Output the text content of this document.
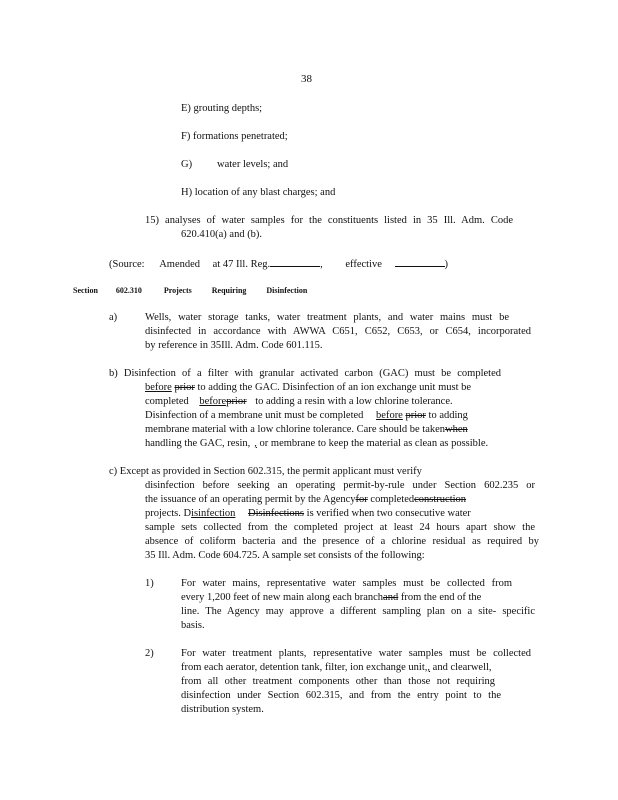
38
E) grouting depths;
F) formations penetrated;
G) water levels; and
H) location of any blast charges; and
15) analyses of water samples for the constituents listed in 35 Ill. Adm. Code
620.410(a) and (b).
(Source: Amended at 47 Ill. Reg.	, effective	)
Section 602.310	Projects	Requiring	Disinfection
a)	Wells, water storage tanks, water treatment plants, and water mains must be
disinfected in accordance with AWWA C651, C652, C653, or C654, incorporated
by reference in 35Ill. Adm. Code 601.115.
b) Disinfection of a filter with granular activated carbon (GAC) must be completed
before prior to adding the GAC. Disinfection of an ion exchange unit must be
completed beforeprior to adding a resin with a low chlorine tolerance.
Disinfection of a membrane unit must be completed before prior to adding
membrane material with a low chlorine tolerance. Care should be takenwhen
handling the GAC, resin, , or membrane to keep the material as clean as possible.
c) Except as provided in Section 602.315, the permit applicant must verify
disinfection before seeking an operating permit-by-rule under Section 602.235 or
the issuance of an operating permit by the Agencyfor completedconstruction
projects. Disinfection Disinfections is verified when two consecutive water
sample sets collected from the completed project at least 24 hours apart show the
absence of coliform bacteria and the presence of a chlorine residual as required by
35 Ill. Adm. Code 604.725. A sample set consists of the following:
1)	For water mains, representative water samples must be collected from
every 1,200 feet of new main along each branchand from the end of the
line. The Agency may approve a different sampling plan on a site- specific
basis.
2)	For water treatment plants, representative water samples must be collected
from each aerator, detention tank, filter, ion exchange unit,, and clearwell,
from all other treatment components other than those not requiring
disinfection under Section 602.315, and from the entry point to the
distribution system.
